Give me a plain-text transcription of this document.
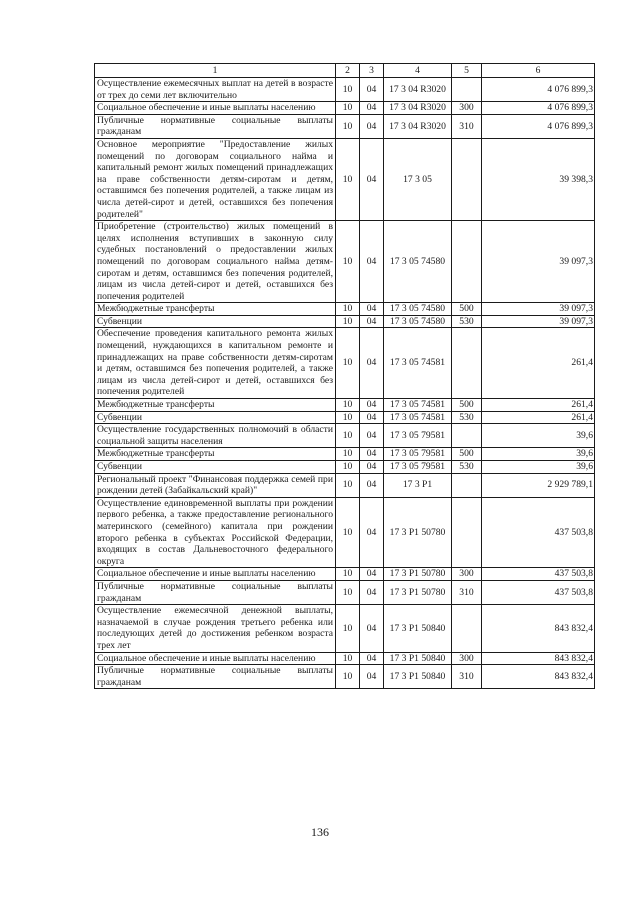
1	2	3	4	5	6
Осуществление ежемесячных выплат на детей в возрасте от трех до семи лет включительно	10	04	17 3 04 R3020		4 076 899,3
Социальное обеспечение и иные выплаты населению	10	04	17 3 04 R3020	300	4 076 899,3
Публичные нормативные социальные выплаты гражданам	10	04	17 3 04 R3020	310	4 076 899,3
Основное мероприятие "Предоставление жилых помещений по договорам социального найма и капитальный ремонт жилых помещений принадлежащих на праве собственности детям-сиротам и детям, оставшимся без попечения родителей, а также лицам из числа детей-сирот и детей, оставшихся без попечения родителей"	10	04	17 3 05		39 398,3
Приобретение (строительство) жилых помещений в целях исполнения вступивших в законную силу судебных постановлений о предоставлении жилых помещений по договорам социального найма детям-сиротам и детям, оставшимся без попечения родителей, лицам из числа детей-сирот и детей, оставшихся без попечения родителей	10	04	17 3 05 74580		39 097,3
Межбюджетные трансферты	10	04	17 3 05 74580	500	39 097,3
Субвенции	10	04	17 3 05 74580	530	39 097,3
Обеспечение проведения капитального ремонта жилых помещений, нуждающихся в капитальном ремонте и принадлежащих на праве собственности детям-сиротам и детям, оставшимся без попечения родителей, а также лицам из числа детей-сирот и детей, оставшихся без попечения родителей	10	04	17 3 05 74581		261,4
Межбюджетные трансферты	10	04	17 3 05 74581	500	261,4
Субвенции	10	04	17 3 05 74581	530	261,4
Осуществление государственных полномочий в области социальной защиты населения	10	04	17 3 05 79581		39,6
Межбюджетные трансферты	10	04	17 3 05 79581	500	39,6
Субвенции	10	04	17 3 05 79581	530	39,6
Региональный проект "Финансовая поддержка семей при рождении детей (Забайкальский край)"	10	04	17 3 P1		2 929 789,1
Осуществление единовременной выплаты при рождении первого ребенка, а также предоставление регионального материнского (семейного) капитала при рождении второго ребенка в субъектах Российской Федерации, входящих в состав Дальневосточного федерального округа	10	04	17 3 P1 50780		437 503,8
Социальное обеспечение и иные выплаты населению	10	04	17 3 P1 50780	300	437 503,8
Публичные нормативные социальные выплаты гражданам	10	04	17 3 P1 50780	310	437 503,8
Осуществление ежемесячной денежной выплаты, назначаемой в случае рождения третьего ребенка или последующих детей до достижения ребенком возраста трех лет	10	04	17 3 P1 50840		843 832,4
Социальное обеспечение и иные выплаты населению	10	04	17 3 P1 50840	300	843 832,4
Публичные нормативные социальные выплаты гражданам	10	04	17 3 P1 50840	310	843 832,4
136
